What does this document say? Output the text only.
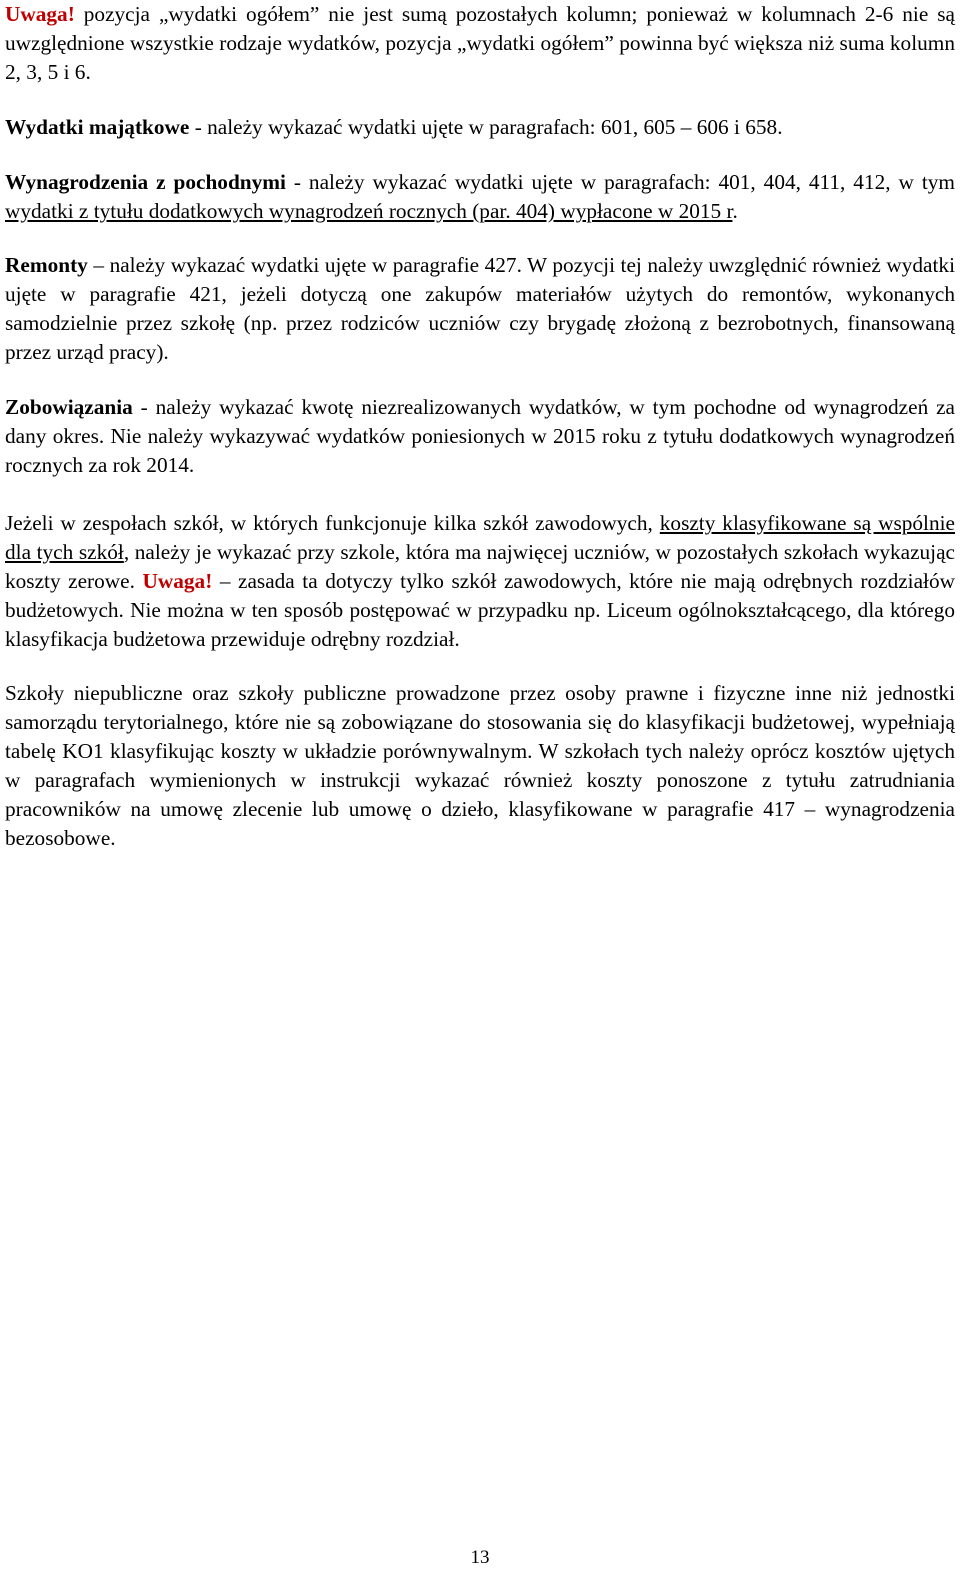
Uwaga! pozycja „wydatki ogółem” nie jest sumą pozostałych kolumn; ponieważ w kolumnach 2-6 nie są uwzględnione wszystkie rodzaje wydatków, pozycja „wydatki ogółem” powinna być większa niż suma kolumn 2, 3, 5 i 6.

Wydatki majątkowe - należy wykazać wydatki ujęte w paragrafach: 601, 605 – 606 i 658.

Wynagrodzenia z pochodnymi - należy wykazać wydatki ujęte w paragrafach: 401, 404, 411, 412, w tym wydatki z tytułu dodatkowych wynagrodzeń rocznych (par. 404) wypłacone w 2015 r.

Remonty – należy wykazać wydatki ujęte w paragrafie 427. W pozycji tej należy uwzględnić również wydatki ujęte w paragrafie 421, jeżeli dotyczą one zakupów materiałów użytych do remontów, wykonanych samodzielnie przez szkołę (np. przez rodziców uczniów czy brygadę złożoną z bezrobotnych, finansowaną przez urząd pracy).

Zobowiązania - należy wykazać kwotę niezrealizowanych wydatków, w tym pochodne od wynagrodzeń za dany okres. Nie należy wykazywać wydatków poniesionych w 2015 roku z tytułu dodatkowych wynagrodzeń rocznych za rok 2014.

Jeżeli w zespołach szkół, w których funkcjonuje kilka szkół zawodowych, koszty klasyfikowane są wspólnie dla tych szkół, należy je wykazać przy szkole, która ma najwięcej uczniów, w pozostałych szkołach wykazując koszty zerowe. Uwaga! – zasada ta dotyczy tylko szkół zawodowych, które nie mają odrębnych rozdziałów budżetowych. Nie można w ten sposób postępować w przypadku np. Liceum ogólnokształcącego, dla którego klasyfikacja budżetowa przewiduje odrębny rozdział.

Szkoły niepubliczne oraz szkoły publiczne prowadzone przez osoby prawne i fizyczne inne niż jednostki samorządu terytorialnego, które nie są zobowiązane do stosowania się do klasyfikacji budżetowej, wypełniają tabelę KO1 klasyfikując koszty w układzie porównywalnym. W szkołach tych należy oprócz kosztów ujętych w paragrafach wymienionych w instrukcji wykazać również koszty ponoszone z tytułu zatrudniania pracowników na umowę zlecenie lub umowę o dzieło, klasyfikowane w paragrafie 417 – wynagrodzenia bezosobowe.

13
